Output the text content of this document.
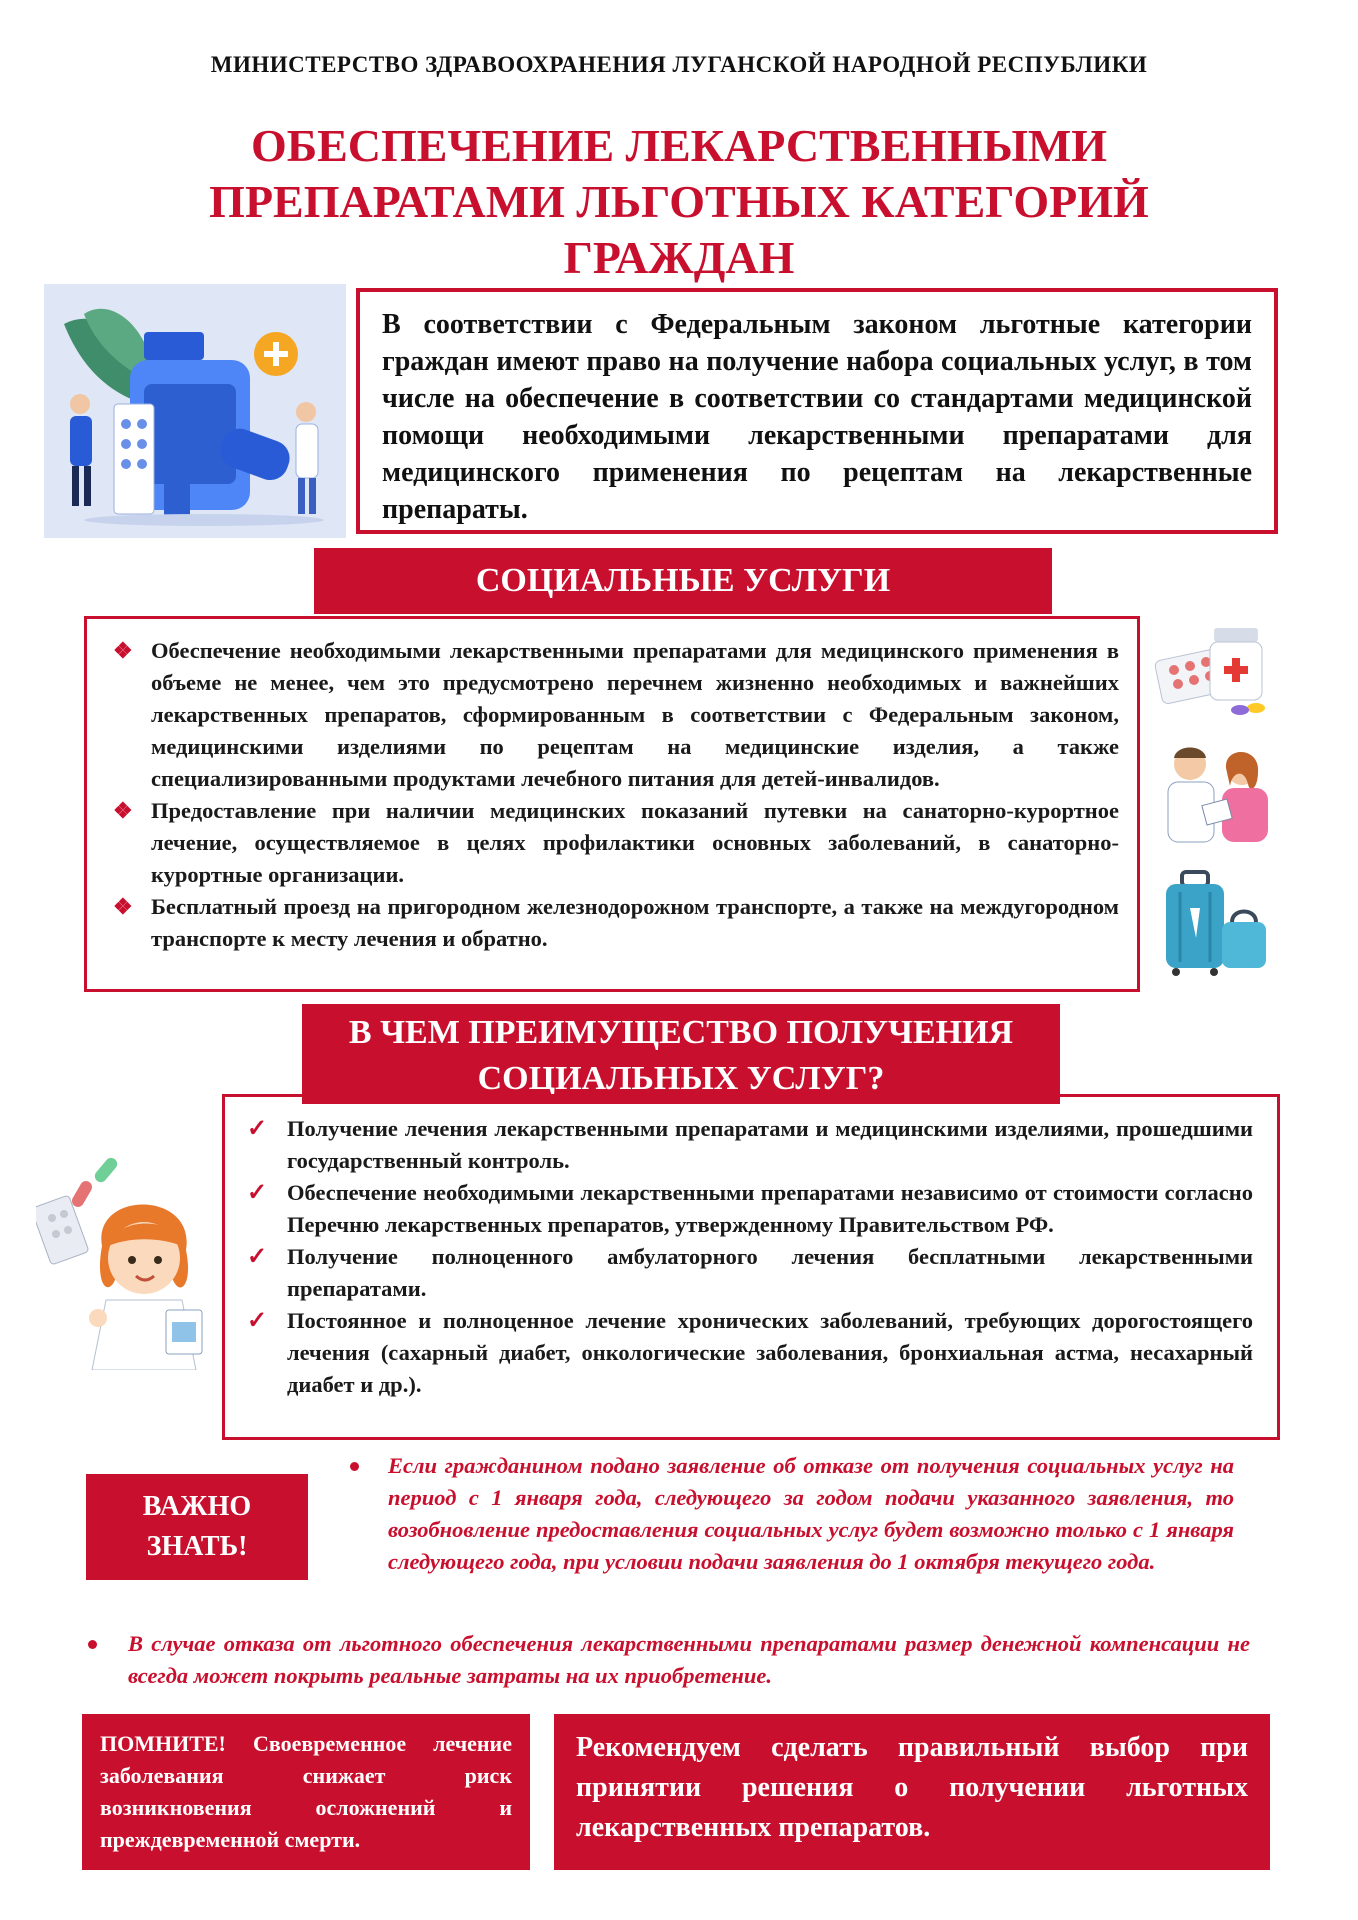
МИНИСТЕРСТВО ЗДРАВООХРАНЕНИЯ ЛУГАНСКОЙ НАРОДНОЙ РЕСПУБЛИКИ
ОБЕСПЕЧЕНИЕ ЛЕКАРСТВЕННЫМИ
ПРЕПАРАТАМИ ЛЬГОТНЫХ КАТЕГОРИЙ
ГРАЖДАН
В соответствии с Федеральным законом льготные категории граждан имеют право на получение набора социальных услуг, в том числе на обеспечение в соответствии со стандартами медицинской помощи необходимыми лекарственными препаратами для медицинского применения по рецептам на лекарственные препараты.
СОЦИАЛЬНЫЕ УСЛУГИ
❖ Обеспечение необходимыми лекарственными препаратами для медицинского применения в объеме не менее, чем это предусмотрено перечнем жизненно необходимых и важнейших лекарственных препаратов, сформированным в соответствии с Федеральным законом, медицинскими изделиями по рецептам на медицинские изделия, а также специализированными продуктами лечебного питания для детей-инвалидов.
❖ Предоставление при наличии медицинских показаний путевки на санаторно-курортное лечение, осуществляемое в целях профилактики основных заболеваний, в санаторно-курортные организации.
❖ Бесплатный проезд на пригородном железнодорожном транспорте, а также на междугородном транспорте к месту лечения и обратно.
В ЧЕМ ПРЕИМУЩЕСТВО ПОЛУЧЕНИЯ
СОЦИАЛЬНЫХ УСЛУГ?
✓ Получение лечения лекарственными препаратами и медицинскими изделиями, прошедшими государственный контроль.
✓ Обеспечение необходимыми лекарственными препаратами независимо от стоимости согласно Перечню лекарственных препаратов, утвержденному Правительством РФ.
✓ Получение полноценного амбулаторного лечения бесплатными лекарственными препаратами.
✓ Постоянное и полноценное лечение хронических заболеваний, требующих дорогостоящего лечения (сахарный диабет, онкологические заболевания, бронхиальная астма, несахарный диабет и др.).
ВАЖНО
ЗНАТЬ!
Если гражданином подано заявление об отказе от получения социальных услуг на период с 1 января года, следующего за годом подачи указанного заявления, то возобновление предоставления социальных услуг будет возможно только с 1 января следующего года, при условии подачи заявления до 1 октября текущего года.
В случае отказа от льготного обеспечения лекарственными препаратами размер денежной компенсации не всегда может покрыть реальные затраты на их приобретение.
ПОМНИТЕ! Своевременное лечение заболевания снижает риск возникновения осложнений и преждевременной смерти.
Рекомендуем сделать правильный выбор при принятии решения о получении льготных лекарственных препаратов.
